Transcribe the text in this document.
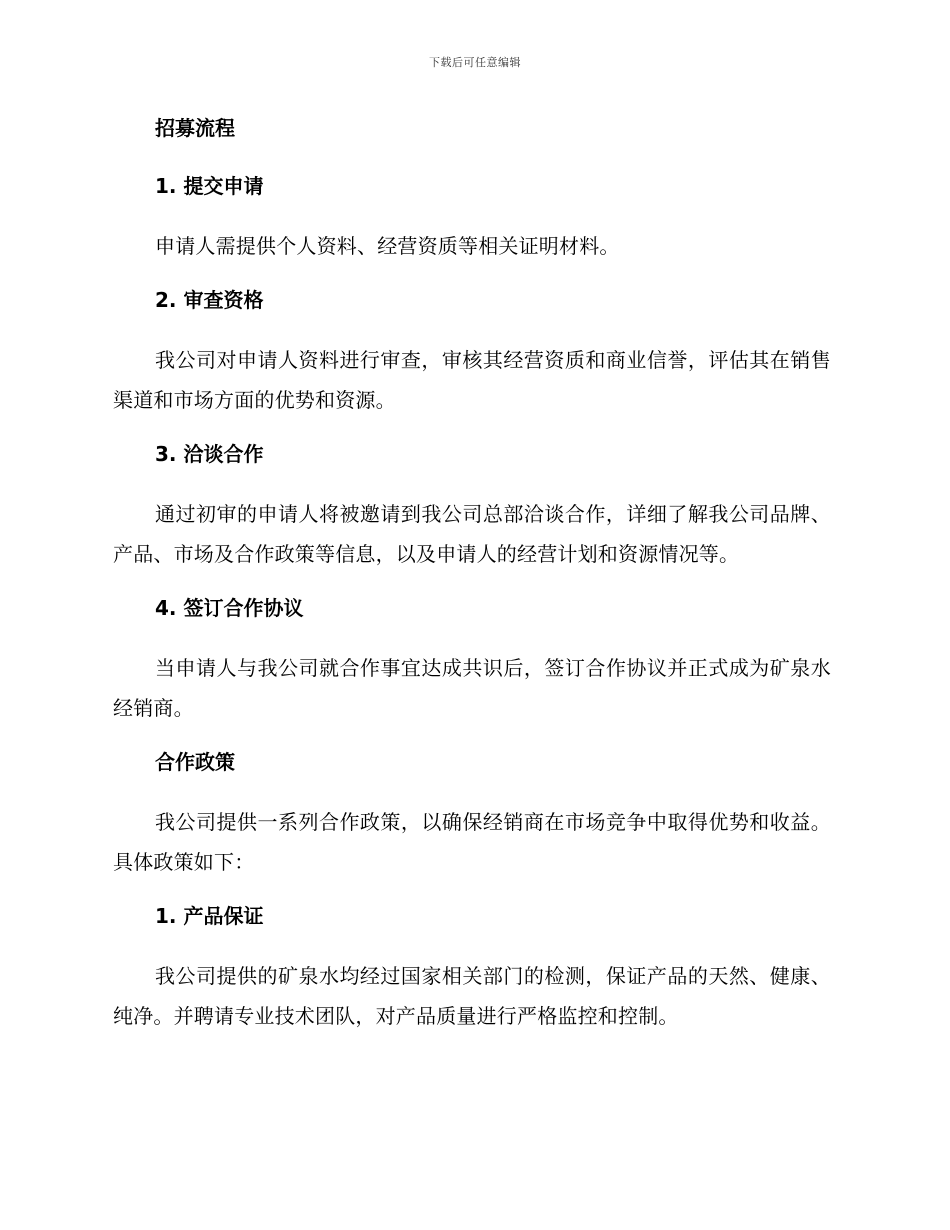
下载后可任意编辑
招募流程
1. 提交申请

申请人需提供个人资料、经营资质等相关证明材料。

2. 审查资格

我公司对申请人资料进行审查，审核其经营资质和商业信誉，评估其在销售渠道和市场方面的优势和资源。

3. 洽谈合作

通过初审的申请人将被邀请到我公司总部洽谈合作，详细了解我公司品牌、产品、市场及合作政策等信息，以及申请人的经营计划和资源情况等。

4. 签订合作协议

当申请人与我公司就合作事宜达成共识后，签订合作协议并正式成为矿泉水经销商。

合作政策

我公司提供一系列合作政策，以确保经销商在市场竞争中取得优势和收益。具体政策如下：

1. 产品保证

我公司提供的矿泉水均经过国家相关部门的检测，保证产品的天然、健康、纯净。并聘请专业技术团队，对产品质量进行严格监控和控制。
